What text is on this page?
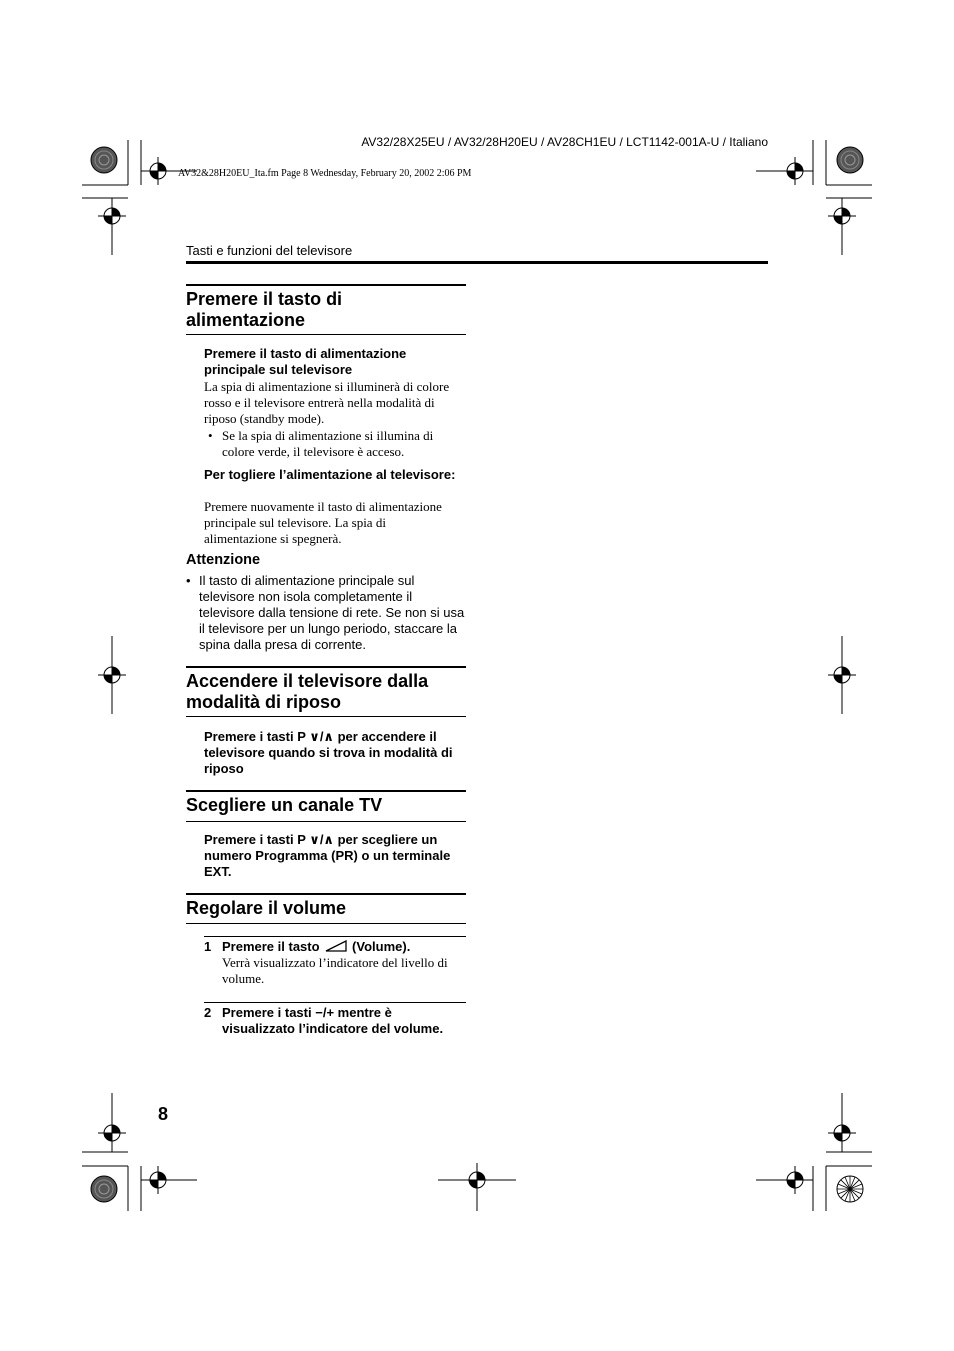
AV32/28X25EU / AV32/28H20EU / AV28CH1EU / LCT1142-001A-U / Italiano
AV32&28H20EU_Ita.fm Page 8 Wednesday, February 20, 2002 2:06 PM
Tasti e funzioni del televisore
Premere il tasto di alimentazione
Premere il tasto di alimentazione principale sul televisore
La spia di alimentazione si illuminerà di colore rosso e il televisore entrerà nella modalità di riposo (standby mode).
• Se la spia di alimentazione si illumina di colore verde, il televisore è acceso.
Per togliere l’alimentazione al televisore:
Premere nuovamente il tasto di alimentazione principale sul televisore. La spia di alimentazione si spegnerà.
Attenzione
• Il tasto di alimentazione principale sul televisore non isola completamente il televisore dalla tensione di rete. Se non si usa il televisore per un lungo periodo, staccare la spina dalla presa di corrente.
Accendere il televisore dalla modalità di riposo
Premere i tasti P ∨/∧ per accendere il televisore quando si trova in modalità di riposo
Scegliere un canale TV
Premere i tasti P ∨/∧ per scegliere un numero Programma (PR) o un terminale EXT.
Regolare il volume
1 Premere il tasto	(Volume).
Verrà visualizzato l’indicatore del livello di volume.
2 Premere i tasti −/+ mentre è visualizzato l’indicatore del volume.
8
